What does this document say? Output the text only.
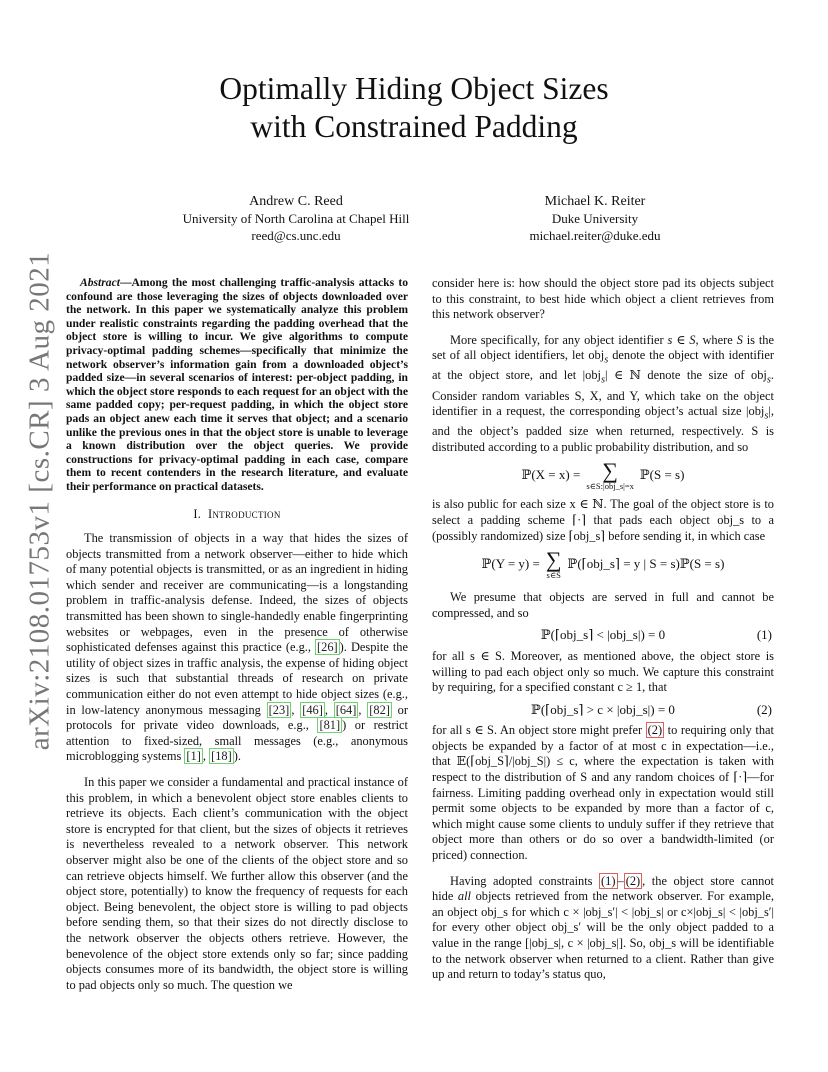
arXiv:2108.01753v1 [cs.CR] 3 Aug 2021
Optimally Hiding Object Sizes
with Constrained Padding
Andrew C. Reed
University of North Carolina at Chapel Hill
reed@cs.unc.edu
Michael K. Reiter
Duke University
michael.reiter@duke.edu

Abstract—Among the most challenging traffic-analysis attacks to confound are those leveraging the sizes of objects downloaded over the network. In this paper we systematically analyze this problem under realistic constraints regarding the padding overhead that the object store is willing to incur. We give algorithms to compute privacy-optimal padding schemes—specifically that minimize the network observer’s information gain from a downloaded object’s padded size—in several scenarios of interest: per-object padding, in which the object store responds to each request for an object with the same padded copy; per-request padding, in which the object store pads an object anew each time it serves that object; and a scenario unlike the previous ones in that the object store is unable to leverage a known distribution over the object queries. We provide constructions for privacy-optimal padding in each case, compare them to recent contenders in the research literature, and evaluate their performance on practical datasets.

I. Introduction

The transmission of objects in a way that hides the sizes of objects transmitted from a network observer—either to hide which of many potential objects is transmitted, or as an ingredient in hiding which sender and receiver are communicating—is a longstanding problem in traffic-analysis defense. Indeed, the sizes of objects transmitted has been shown to single-handedly enable fingerprinting websites or webpages, even in the presence of otherwise sophisticated defenses against this practice (e.g., [26] ). Despite the utility of object sizes in traffic analysis, the expense of hiding object sizes is such that substantial threads of research on private communication either do not even attempt to hide object sizes (e.g., in low-latency anonymous messaging [23] , [46] , [64] , [82] or protocols for private video downloads, e.g., [81] ) or restrict attention to fixed-sized, small messages (e.g., anonymous microblogging systems [1] , [18] ).

In this paper we consider a fundamental and practical instance of this problem, in which a benevolent object store enables clients to retrieve its objects. Each client’s communication with the object store is encrypted for that client, but the sizes of objects it retrieves is nevertheless revealed to a network observer. This network observer might also be one of the clients of the object store and so can retrieve objects himself. We further allow this observer (and the object store, potentially) to know the frequency of requests for each object. Being benevolent, the object store is willing to pad objects before sending them, so that their sizes do not directly disclose to the network observer the objects others retrieve. However, the benevolence of the object store extends only so far; since padding objects consumes more of its bandwidth, the object store is willing to pad objects only so much. The question we

consider here is: how should the object store pad its objects subject to this constraint, to best hide which object a client retrieves from this network observer?

More specifically, for any object identifier s ∈ S, where S is the set of all object identifiers, let obj$_s$ denote the object with identifier at the object store, and let |obj$_s$| ∈ ℕ denote the size of obj$_s$. Consider random variables S, X, and Y, which take on the object identifier in a request, the corresponding object’s actual size |obj$_s$|, and the object’s padded size when returned, respectively. S is distributed according to a public probability distribution, and so

ℙ(X = x) = ∑
s∈S:|obj_s|=x
ℙ(S = s)

is also public for each size x ∈ ℕ. The goal of the object store is to select a padding scheme ⌈·⌉ that pads each object obj_s to a (possibly randomized) size ⌈obj_s⌉ before sending it, in which case

ℙ(Y = y) = ∑
s∈S
ℙ(⌈obj_s⌉ = y | S = s)ℙ(S = s)

We presume that objects are served in full and cannot be compressed, and so

ℙ(⌈obj_s⌉ < |obj_s|) = 0	(1)

for all s ∈ S. Moreover, as mentioned above, the object store is willing to pad each object only so much. We capture this constraint by requiring, for a specified constant c ≥ 1, that

ℙ(⌈obj_s⌉ > c × |obj_s|) = 0	(2)

for all s ∈ S. An object store might prefer (2) to requiring only that objects be expanded by a factor of at most c in expectation—i.e., that 𝔼(⌈obj_S⌉/|obj_S|) ≤ c, where the expectation is taken with respect to the distribution of S and any random choices of ⌈·⌉—for fairness. Limiting padding overhead only in expectation would still permit some objects to be expanded by more than a factor of c, which might cause some clients to unduly suffer if they retrieve that object more than others or do so over a bandwidth-limited (or priced) connection.

Having adopted constraints (1) – (2) , the object store cannot hide all objects retrieved from the network observer. For example, an object obj_s for which c × |obj_s′| < |obj_s| or c×|obj_s| < |obj_s′| for every other object obj_s′ will be the only object padded to a value in the range [|obj_s|, c × |obj_s|]. So, obj_s will be identifiable to the network observer when returned to a client. Rather than give up and return to today’s status quo,
